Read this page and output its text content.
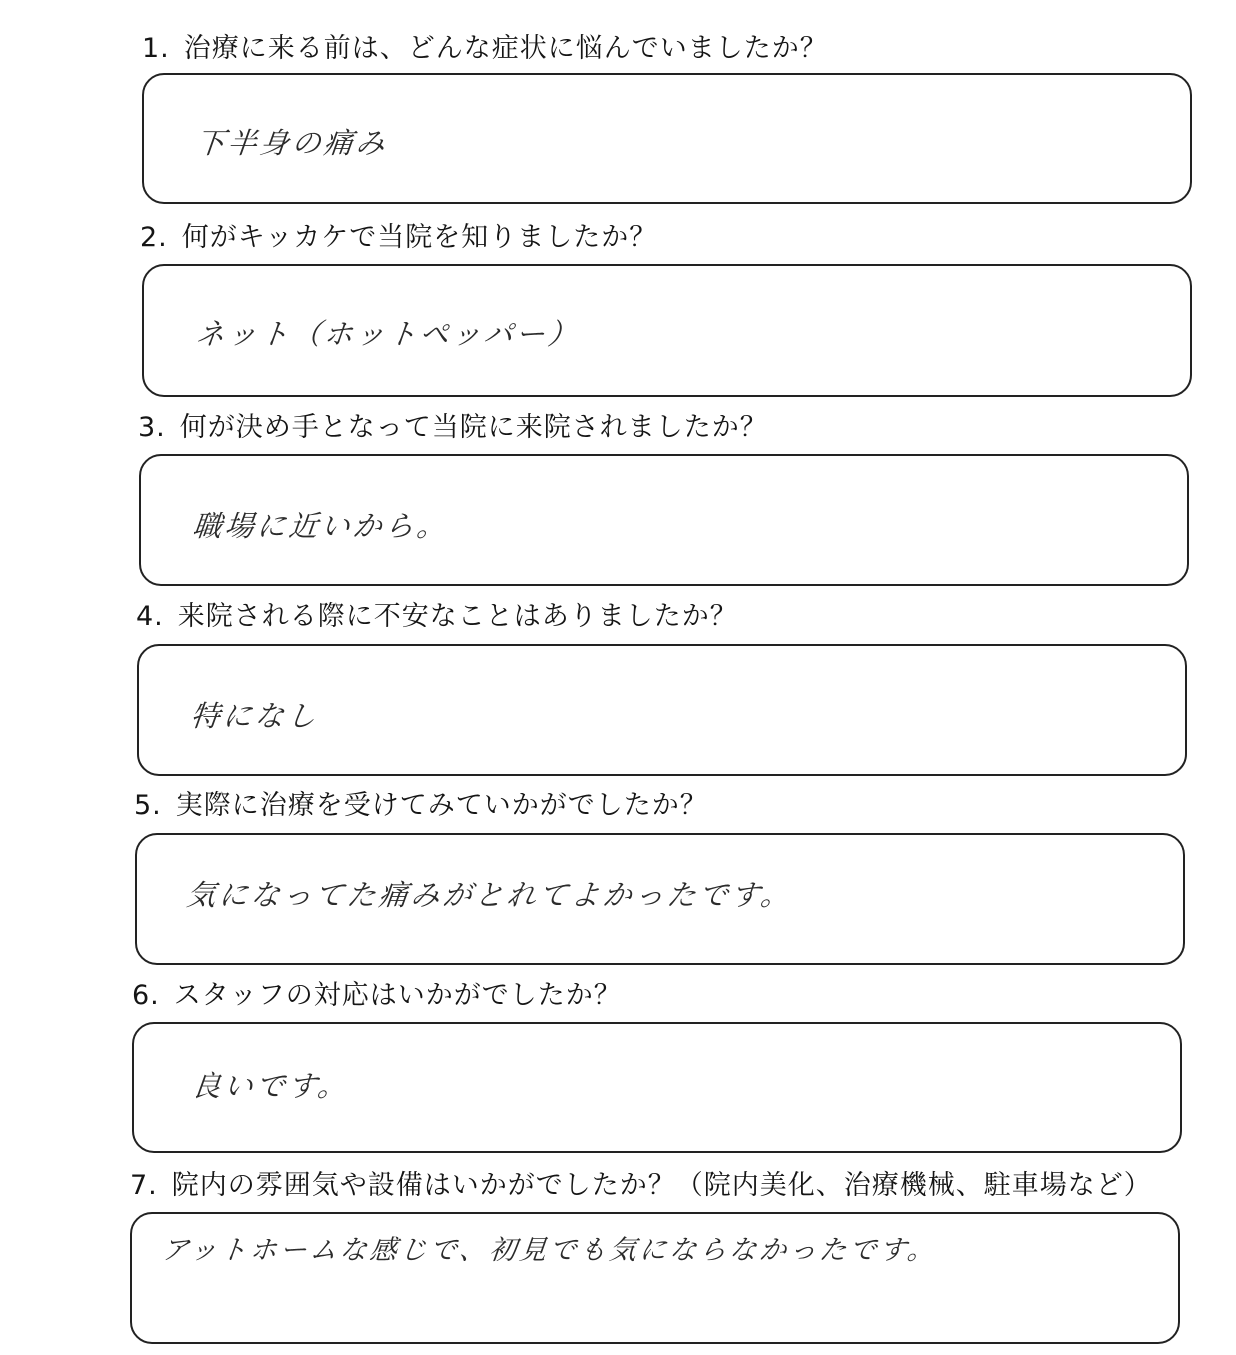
1. 治療に来る前は、どんな症状に悩んでいましたか？
下半身の痛み
2. 何がキッカケで当院を知りましたか？
ネット（ホットペッパー）
3. 何が決め手となって当院に来院されましたか？
職場に近いから。
4. 来院される際に不安なことはありましたか？
特になし
5. 実際に治療を受けてみていかがでしたか？
気になってた痛みがとれてよかったです。
6. スタッフの対応はいかがでしたか？
良いです。
7. 院内の雰囲気や設備はいかがでしたか？（院内美化、治療機械、駐車場など）
アットホームな感じで、初見でも気にならなかったです。
